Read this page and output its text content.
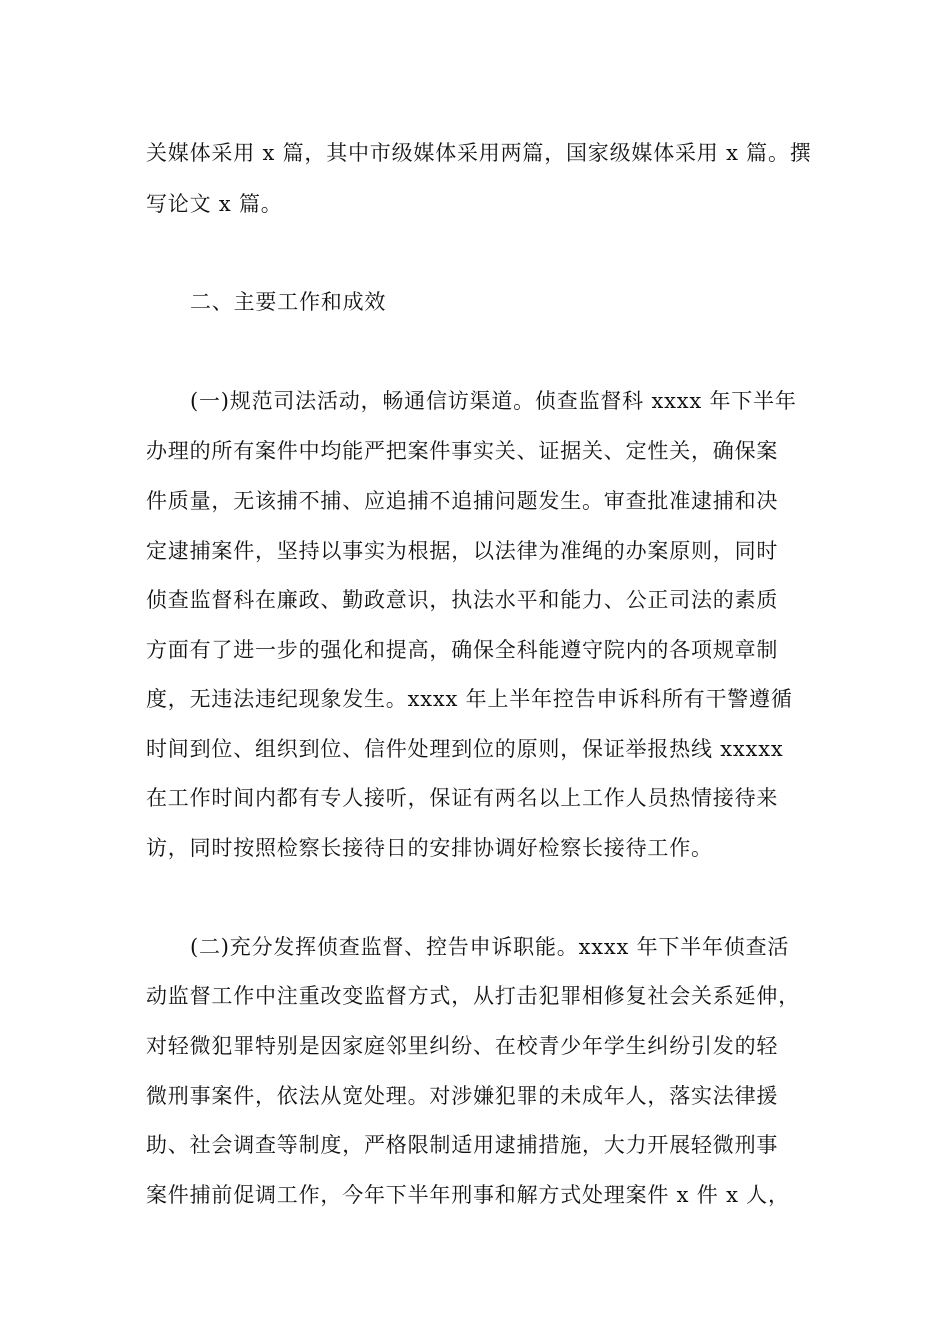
关媒体采用 x 篇，其中市级媒体采用两篇，国家级媒体采用 x 篇。撰
写论文 x 篇。
二、主要工作和成效
(一)规范司法活动，畅通信访渠道。侦查监督科 xxxx 年下半年
办理的所有案件中均能严把案件事实关、证据关、定性关，确保案
件质量，无该捕不捕、应追捕不追捕问题发生。审查批准逮捕和决
定逮捕案件，坚持以事实为根据，以法律为准绳的办案原则，同时
侦查监督科在廉政、勤政意识，执法水平和能力、公正司法的素质
方面有了进一步的强化和提高，确保全科能遵守院内的各项规章制
度，无违法违纪现象发生。xxxx 年上半年控告申诉科所有干警遵循
时间到位、组织到位、信件处理到位的原则，保证举报热线 xxxxx
在工作时间内都有专人接听，保证有两名以上工作人员热情接待来
访，同时按照检察长接待日的安排协调好检察长接待工作。
(二)充分发挥侦查监督、控告申诉职能。xxxx 年下半年侦查活
动监督工作中注重改变监督方式，从打击犯罪相修复社会关系延伸，
对轻微犯罪特别是因家庭邻里纠纷、在校青少年学生纠纷引发的轻
微刑事案件，依法从宽处理。对涉嫌犯罪的未成年人，落实法律援
助、社会调查等制度，严格限制适用逮捕措施，大力开展轻微刑事
案件捕前促调工作，今年下半年刑事和解方式处理案件 x 件 x 人，
